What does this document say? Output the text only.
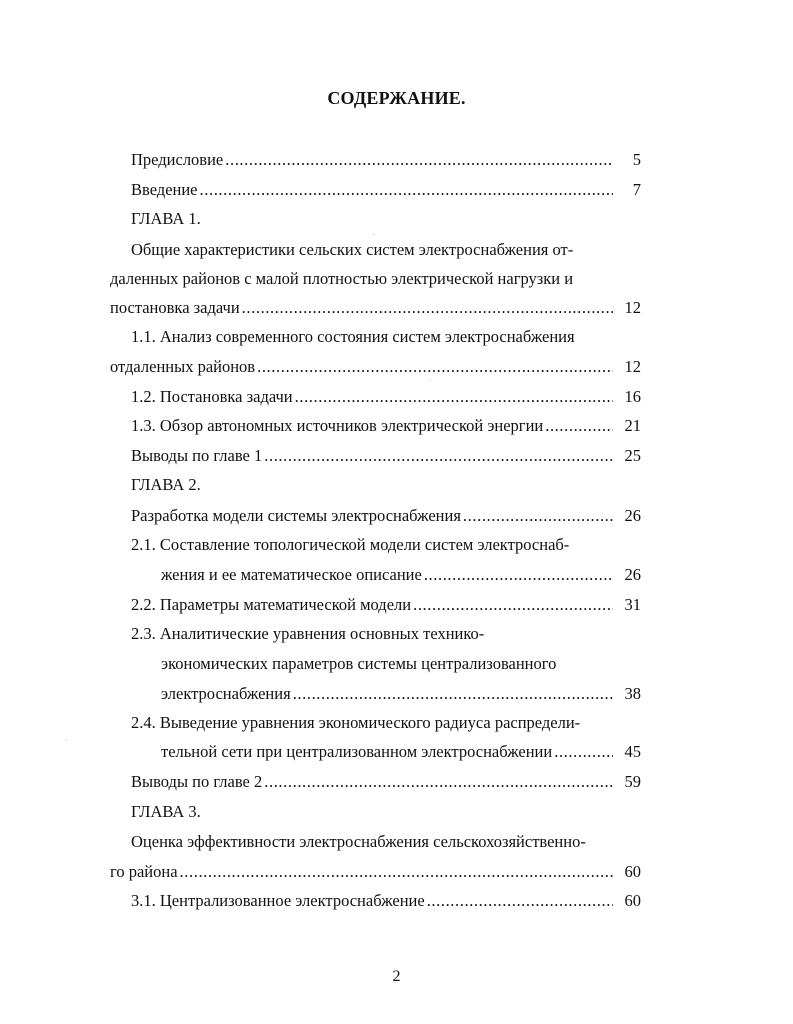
СОДЕРЖАНИЕ.
Предисловие .....	5
Введение .....	7
ГЛАВА 1.
Общие характеристики сельских систем электроснабжения от-
даленных районов с малой плотностью электрической нагрузки и
постановка задачи .....	12
1.1. Анализ современного состояния систем электроснабжения
отдаленных районов .....	12
1.2. Постановка задачи .....	16
1.3. Обзор автономных источников электрической энергии .....	21
Выводы по главе 1 .....	25
ГЛАВА 2.
Разработка модели системы электроснабжения .....	26
2.1. Составление топологической модели систем электроснаб-
жения и ее математическое описание .....	26
2.2. Параметры математической модели .....	31
2.3. Аналитические уравнения основных технико-
экономических параметров системы централизованного
электроснабжения .....	38
2.4. Выведение уравнения экономического радиуса распредели-
тельной сети при централизованном электроснабжении .....	45
Выводы по главе 2 .....	59
ГЛАВА 3.
Оценка эффективности электроснабжения сельскохозяйственно-
го района .....	60
3.1. Централизованное электроснабжение .....	60
2
